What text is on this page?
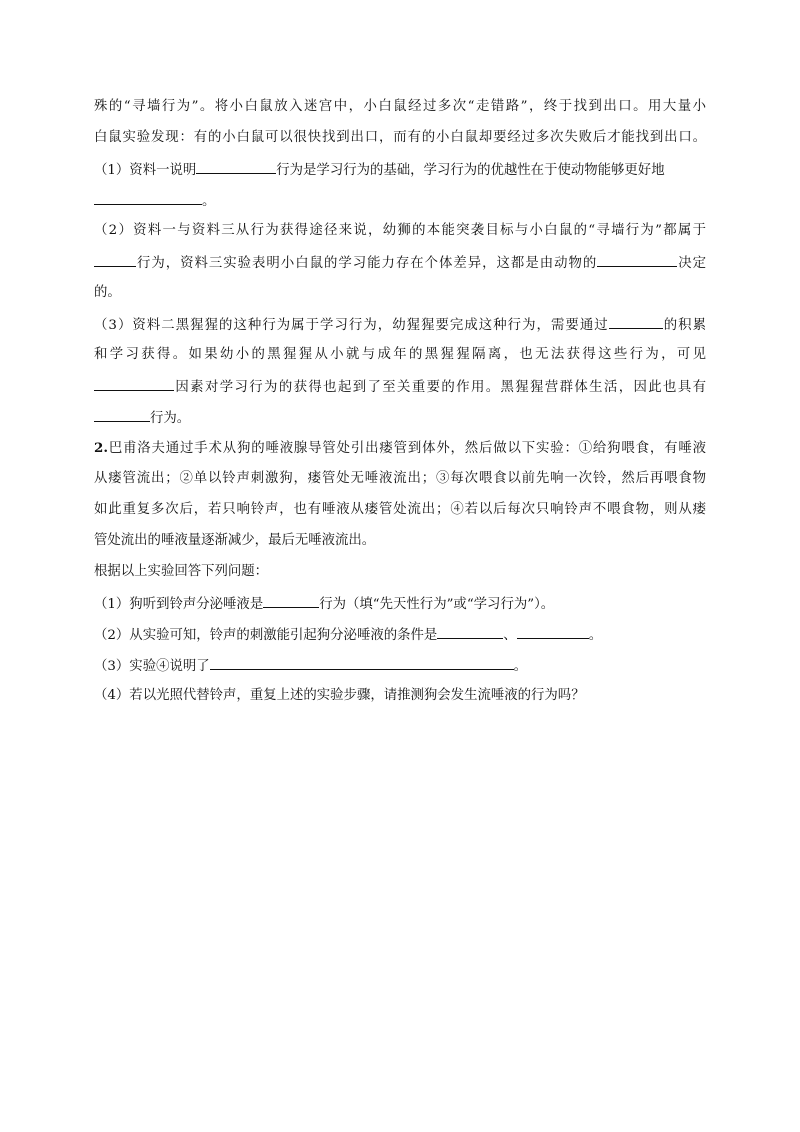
殊的“寻墙行为”。将小白鼠放入迷宫中，小白鼠经过多次“走错路”，终于找到出口。用大量小
白鼠实验发现：有的小白鼠可以很快找到出口，而有的小白鼠却要经过多次失败后才能找到出口。
（1）资料一说明	行为是学习行为的基础，学习行为的优越性在于使动物能够更好地
。
（2）资料一与资料三从行为获得途径来说，幼狮的本能突袭目标与小白鼠的“寻墙行为”都属于
行为，资料三实验表明小白鼠的学习能力存在个体差异，这都是由动物的	决定
的。
（3）资料二黑猩猩的这种行为属于学习行为，幼猩猩要完成这种行为，需要通过	的积累
和学习获得。如果幼小的黑猩猩从小就与成年的黑猩猩隔离，也无法获得这些行为，可见
因素对学习行为的获得也起到了至关重要的作用。黑猩猩营群体生活，因此也具有
行为。
2.巴甫洛夫通过手术从狗的唾液腺导管处引出瘘管到体外，然后做以下实验：①给狗喂食，有唾液
从瘘管流出；②单以铃声刺激狗，瘘管处无唾液流出；③每次喂食以前先响一次铃，然后再喂食物
如此重复多次后，若只响铃声，也有唾液从瘘管处流出；④若以后每次只响铃声不喂食物，则从瘘
管处流出的唾液量逐渐减少，最后无唾液流出。
根据以上实验回答下列问题：
（1）狗听到铃声分泌唾液是	行为（填“先天性行为”或“学习行为”）。
（2）从实验可知，铃声的刺激能引起狗分泌唾液的条件是	、	。
（3）实验④说明了	。
（4）若以光照代替铃声，重复上述的实验步骤，请推测狗会发生流唾液的行为吗？
